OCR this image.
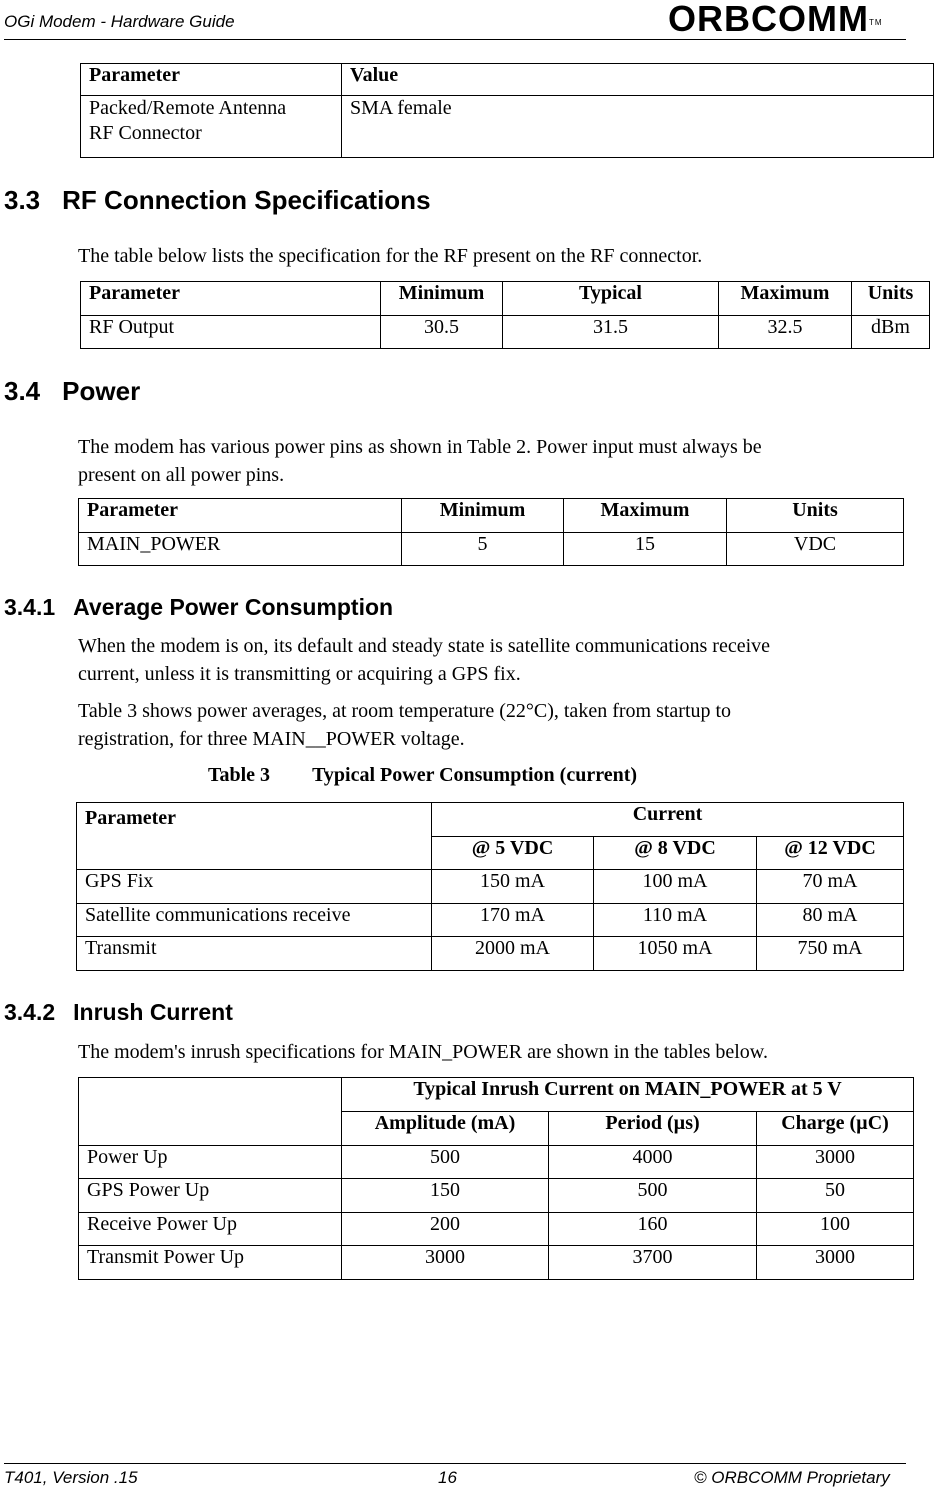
OGi Modem - Hardware Guide	ORBCOMM™
Parameter	Value
Packed/Remote Antenna
RF Connector	SMA female
3.3 RF Connection Specifications

The table below lists the specification for the RF present on the RF connector.

Parameter	Minimum	Typical	Maximum	Units
RF Output	30.5	31.5	32.5	dBm
3.4 Power

The modem has various power pins as shown in Table 2. Power input must always be
present on all power pins.

Parameter	Minimum	Maximum	Units
MAIN_POWER	5	15	VDC
3.4.1 Average Power Consumption

When the modem is on, its default and steady state is satellite communications receive
current, unless it is transmitting or acquiring a GPS fix.

Table 3 shows power averages, at room temperature (22°C), taken from startup to
registration, for three MAIN__POWER voltage.

Table 3 Typical Power Consumption (current)
Parameter	Current		
	@ 5 VDC	@ 8 VDC	@ 12 VDC
GPS Fix	150 mA	100 mA	70 mA
Satellite communications receive	170 mA	110 mA	80 mA
Transmit	2000 mA	1050 mA	750 mA
3.4.2 Inrush Current

The modem's inrush specifications for MAIN_POWER are shown in the tables below.

	Typical Inrush Current on MAIN_POWER at 5 V		
	Amplitude (mA)	Period (µs)	Charge (µC)
Power Up	500	4000	3000
GPS Power Up	150	500	50
Receive Power Up	200	160	100
Transmit Power Up	3000	3700	3000
T401, Version .15	16	© ORBCOMM Proprietary
